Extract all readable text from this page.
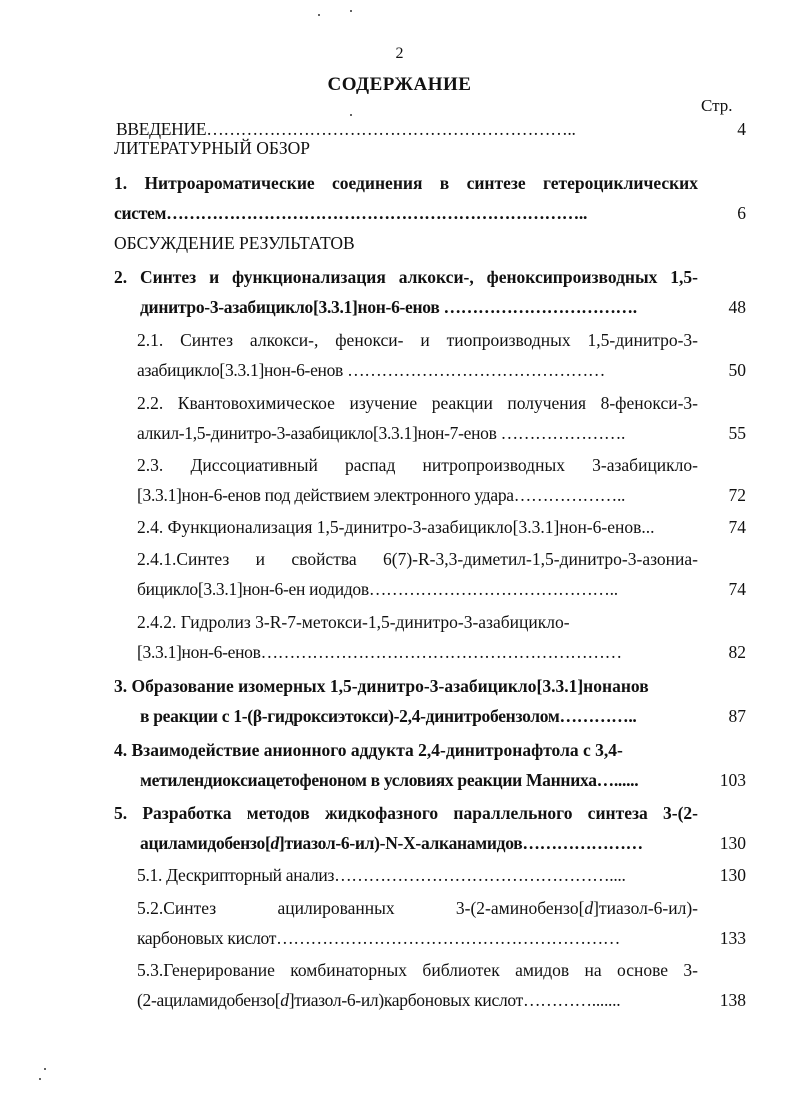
2
СОДЕРЖАНИЕ
Стр.
ВВЕДЕНИЕ………………………………………………………..	4
ЛИТЕРАТУРНЫЙ ОБЗОР
1. Нитроароматические соединения в синтезе гетероциклических
систем………………………………………………………………..	6
ОБСУЖДЕНИЕ РЕЗУЛЬТАТОВ
2. Синтез и функционализация алкокси-, феноксипроизводных 1,5-
динитро-3-азабицикло[3.3.1]нон-6-енов …………………………….	48
2.1. Синтез алкокси-, фенокси- и тиопроизводных 1,5-динитро-3-
азабицикло[3.3.1]нон-6-енов ………………………………………	50
2.2. Квантовохимическое изучение реакции получения 8-фенокси-3-
алкил-1,5-динитро-3-азабицикло[3.3.1]нон-7-енов ………………….	55
2.3. Диссоциативный распад нитропроизводных 3-азабицикло-
[3.3.1]нон-6-енов под действием электронного удара………………..	72
2.4. Функционализация 1,5-динитро-3-азабицикло[3.3.1]нон-6-енов...	74
2.4.1.Синтез и свойства 6(7)-R-3,3-диметил-1,5-динитро-3-азониа-
бицикло[3.3.1]нон-6-ен иодидов……………………………………..	74
2.4.2. Гидролиз 3-R-7-метокси-1,5-динитро-3-азабицикло-
[3.3.1]нон-6-енов………………………………………………………	82
3. Образование изомерных 1,5-динитро-3-азабицикло[3.3.1]нонанов
в реакции с 1-(β-гидроксиэтокси)-2,4-динитробензолом…………..	87
4. Взаимодействие анионного аддукта 2,4-динитронафтола с 3,4-
метилендиоксиацетофеноном в условиях реакции Манниха…......	103
5. Разработка методов жидкофазного параллельного синтеза 3-(2-
ациламидобензо[d]тиазол-6-ил)-N-X-алканамидов…………………	130
5.1. Дескрипторный анализ…………………………………………....	130
5.2.Синтез ацилированных 3-(2-аминобензо[d]тиазол-6-ил)-
карбоновых кислот……………………………………………………	133
5.3.Генерирование комбинаторных библиотек амидов на основе 3-
(2-ациламидобензо[d]тиазол-6-ил)карбоновых кислот………….......	138
